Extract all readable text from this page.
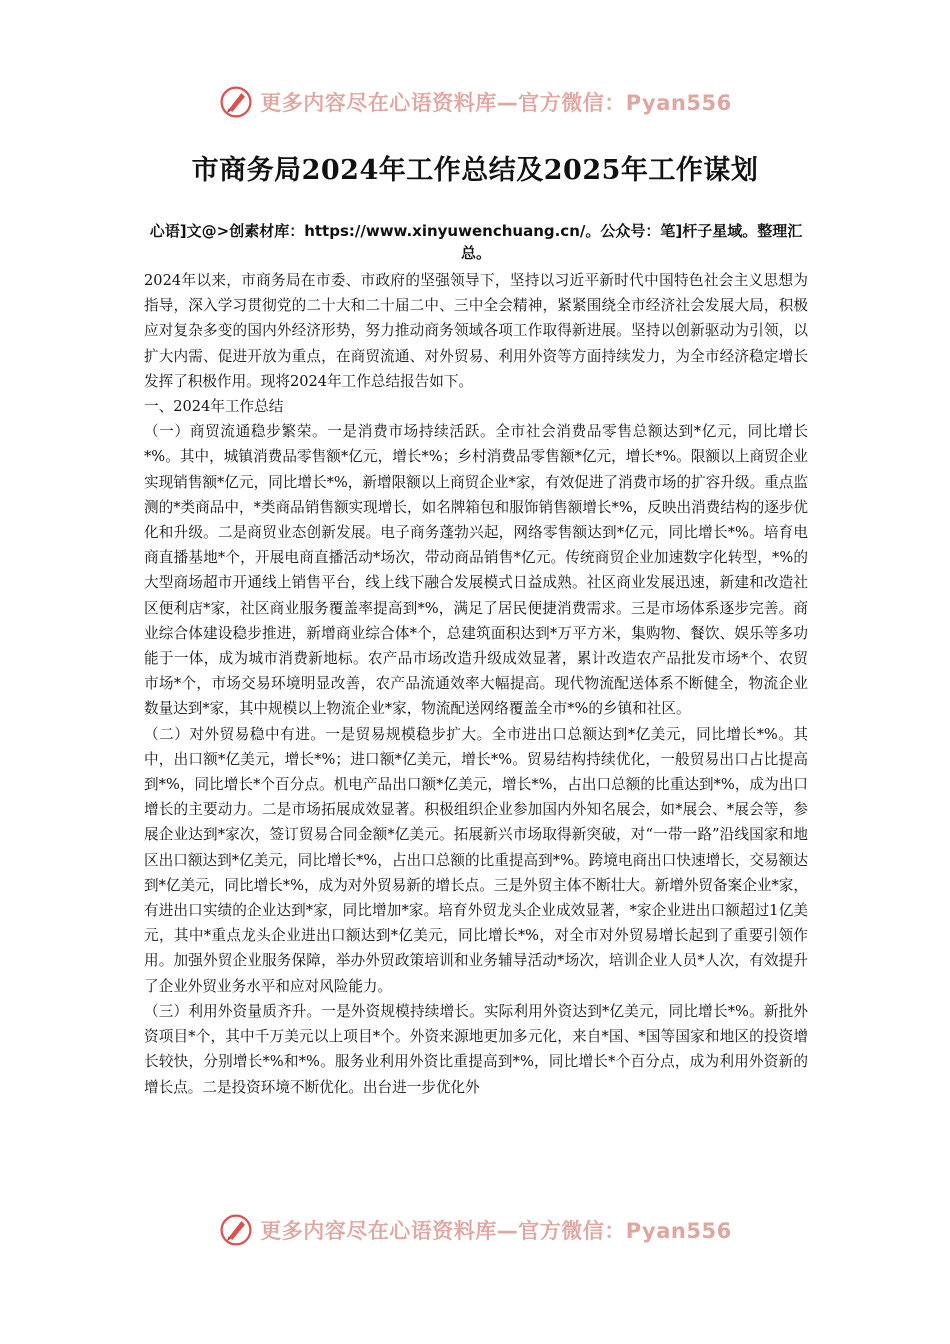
更多内容尽在心语资料库—官方微信：Pyan556
市商务局2024年工作总结及2025年工作谋划
心语]文@>创素材库：https://www.xinyuwenchuang.cn/。公众号：笔]杆子星域。整理汇总。

2024年以来，市商务局在市委、市政府的坚强领导下，坚持以习近平新时代中国特色社会主义思想为指导，深入学习贯彻党的二十大和二十届二中、三中全会精神，紧紧围绕全市经济社会发展大局，积极应对复杂多变的国内外经济形势，努力推动商务领域各项工作取得新进展。坚持以创新驱动为引领，以扩大内需、促进开放为重点，在商贸流通、对外贸易、利用外资等方面持续发力，为全市经济稳定增长发挥了积极作用。现将2024年工作总结报告如下。

一、2024年工作总结

（一）商贸流通稳步繁荣。一是消费市场持续活跃。全市社会消费品零售总额达到*亿元，同比增长*%。其中，城镇消费品零售额*亿元，增长*%；乡村消费品零售额*亿元，增长*%。限额以上商贸企业实现销售额*亿元，同比增长*%，新增限额以上商贸企业*家，有效促进了消费市场的扩容升级。重点监测的*类商品中，*类商品销售额实现增长，如名牌箱包和服饰销售额增长*%，反映出消费结构的逐步优化和升级。二是商贸业态创新发展。电子商务蓬勃兴起，网络零售额达到*亿元，同比增长*%。培育电商直播基地*个，开展电商直播活动*场次，带动商品销售*亿元。传统商贸企业加速数字化转型，*%的大型商场超市开通线上销售平台，线上线下融合发展模式日益成熟。社区商业发展迅速，新建和改造社区便利店*家，社区商业服务覆盖率提高到*%，满足了居民便捷消费需求。三是市场体系逐步完善。商业综合体建设稳步推进，新增商业综合体*个，总建筑面积达到*万平方米，集购物、餐饮、娱乐等多功能于一体，成为城市消费新地标。农产品市场改造升级成效显著，累计改造农产品批发市场*个、农贸市场*个，市场交易环境明显改善，农产品流通效率大幅提高。现代物流配送体系不断健全，物流企业数量达到*家，其中规模以上物流企业*家，物流配送网络覆盖全市*%的乡镇和社区。

（二）对外贸易稳中有进。一是贸易规模稳步扩大。全市进出口总额达到*亿美元，同比增长*%。其中，出口额*亿美元，增长*%；进口额*亿美元，增长*%。贸易结构持续优化，一般贸易出口占比提高到*%，同比增长*个百分点。机电产品出口额*亿美元，增长*%，占出口总额的比重达到*%，成为出口增长的主要动力。二是市场拓展成效显著。积极组织企业参加国内外知名展会，如*展会、*展会等，参展企业达到*家次，签订贸易合同金额*亿美元。拓展新兴市场取得新突破，对“一带一路”沿线国家和地区出口额达到*亿美元，同比增长*%，占出口总额的比重提高到*%。跨境电商出口快速增长，交易额达到*亿美元，同比增长*%，成为对外贸易新的增长点。三是外贸主体不断壮大。新增外贸备案企业*家，有进出口实绩的企业达到*家，同比增加*家。培育外贸龙头企业成效显著，*家企业进出口额超过1亿美元，其中*重点龙头企业进出口额达到*亿美元，同比增长*%，对全市对外贸易增长起到了重要引领作用。加强外贸企业服务保障，举办外贸政策培训和业务辅导活动*场次，培训企业人员*人次，有效提升了企业外贸业务水平和应对风险能力。

（三）利用外资量质齐升。一是外资规模持续增长。实际利用外资达到*亿美元，同比增长*%。新批外资项目*个，其中千万美元以上项目*个。外资来源地更加多元化，来自*国、*国等国家和地区的投资增长较快，分别增长*%和*%。服务业利用外资比重提高到*%，同比增长*个百分点，成为利用外资新的增长点。二是投资环境不断优化。出台进一步优化外

更多内容尽在心语资料库—官方微信：Pyan556
